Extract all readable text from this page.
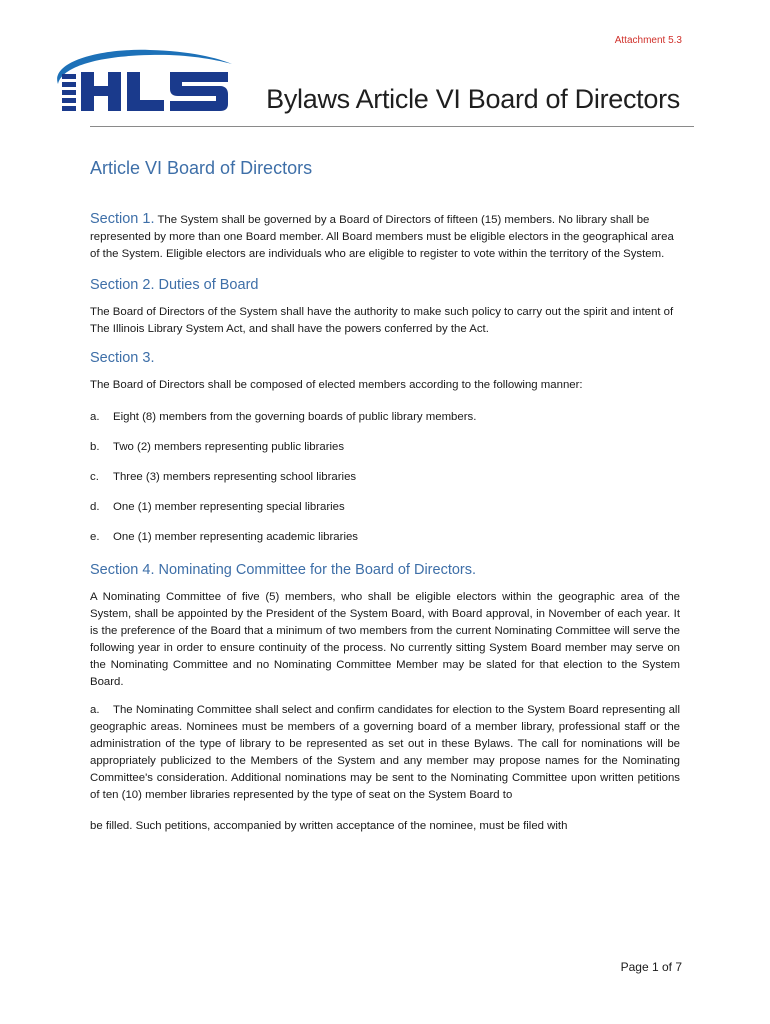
Attachment 5.3
Bylaws Article VI Board of Directors
Article VI Board of Directors

Section 1. The System shall be governed by a Board of Directors of fifteen (15) members. No library shall be represented by more than one Board member. All Board members must be eligible electors in the geographical area of the System. Eligible electors are individuals who are eligible to register to vote within the territory of the System.

Section 2. Duties of Board

The Board of Directors of the System shall have the authority to make such policy to carry out the spirit and intent of The Illinois Library System Act, and shall have the powers conferred by the Act.

Section 3.

The Board of Directors shall be composed of elected members according to the following manner:

a. Eight (8) members from the governing boards of public library members.
b. Two (2) members representing public libraries
c. Three (3) members representing school libraries
d. One (1) member representing special libraries
e. One (1) member representing academic libraries
Section 4. Nominating Committee for the Board of Directors.

A Nominating Committee of five (5) members, who shall be eligible electors within the geographic area of the System, shall be appointed by the President of the System Board, with Board approval, in November of each year. It is the preference of the Board that a minimum of two members from the current Nominating Committee will serve the following year in order to ensure continuity of the process. No currently sitting System Board member may serve on the Nominating Committee and no Nominating Committee Member may be slated for that election to the System Board.

a. The Nominating Committee shall select and confirm candidates for election to the System Board representing all geographic areas. Nominees must be members of a governing board of a member library, professional staff or the administration of the type of library to be represented as set out in these Bylaws. The call for nominations will be appropriately publicized to the Members of the System and any member may propose names for the Nominating Committee's consideration. Additional nominations may be sent to the Nominating Committee upon written petitions of ten (10) member libraries represented by the type of seat on the System Board to

be filled. Such petitions, accompanied by written acceptance of the nominee, must be filed with

Page 1 of 7
